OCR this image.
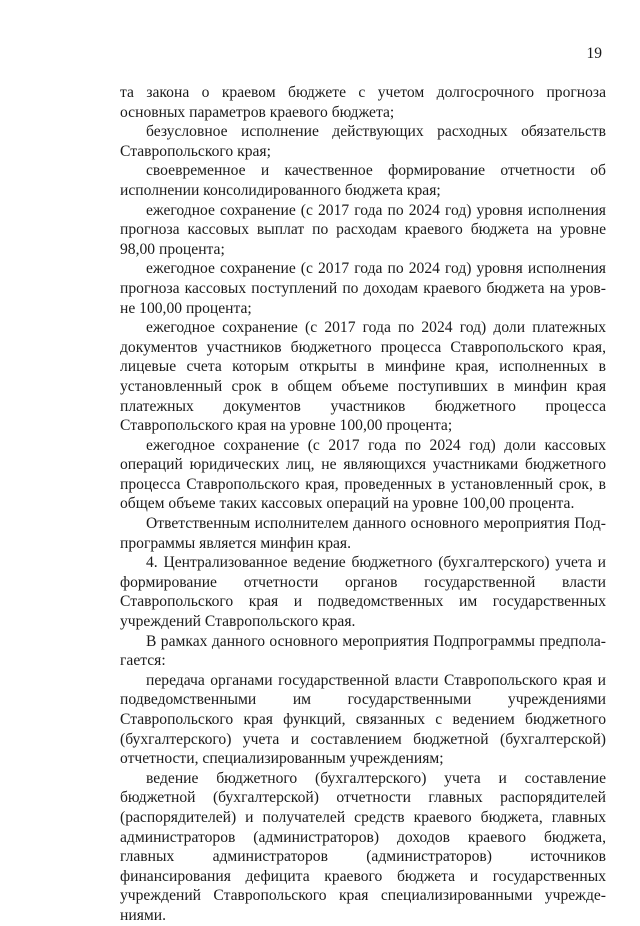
19

та закона о краевом бюджете с учетом долгосрочного прогноза основных параметров краевого бюджета;

безусловное исполнение действующих расходных обязательств Ставропольского края;

своевременное и качественное формирование отчетности об исполнении консолидированного бюджета края;

ежегодное сохранение (с 2017 года по 2024 год) уровня исполнения прогноза кассовых выплат по расходам краевого бюджета на уровне 98,00 процента;

ежегодное сохранение (с 2017 года по 2024 год) уровня исполнения прогноза кассовых поступлений по доходам краевого бюджета на уровне 100,00 процента;

ежегодное сохранение (с 2017 года по 2024 год) доли платежных документов участников бюджетного процесса Ставропольского края, лицевые счета которым открыты в минфине края, исполненных в установленный срок в общем объеме поступивших в минфин края платежных документов участников бюджетного процесса Ставропольского края на уровне 100,00 процента;

ежегодное сохранение (с 2017 года по 2024 год) доли кассовых операций юридических лиц, не являющихся участниками бюджетного процесса Ставропольского края, проведенных в установленный срок, в общем объеме таких кассовых операций на уровне 100,00 процента.

Ответственным исполнителем данного основного мероприятия Подпрограммы является минфин края.

4. Централизованное ведение бюджетного (бухгалтерского) учета и формирование отчетности органов государственной власти Ставропольского края и подведомственных им государственных учреждений Ставропольского края.

В рамках данного основного мероприятия Подпрограммы предполагается:

передача органами государственной власти Ставропольского края и подведомственными им государственными учреждениями Ставропольского края функций, связанных с ведением бюджетного (бухгалтерского) учета и составлением бюджетной (бухгалтерской) отчетности, специализированным учреждениям;

ведение бюджетного (бухгалтерского) учета и составление бюджетной (бухгалтерской) отчетности главных распорядителей (распорядителей) и получателей средств краевого бюджета, главных администраторов (администраторов) доходов краевого бюджета, главных администраторов (администраторов) источников финансирования дефицита краевого бюджета и государственных учреждений Ставропольского края специализированными учреждениями.
